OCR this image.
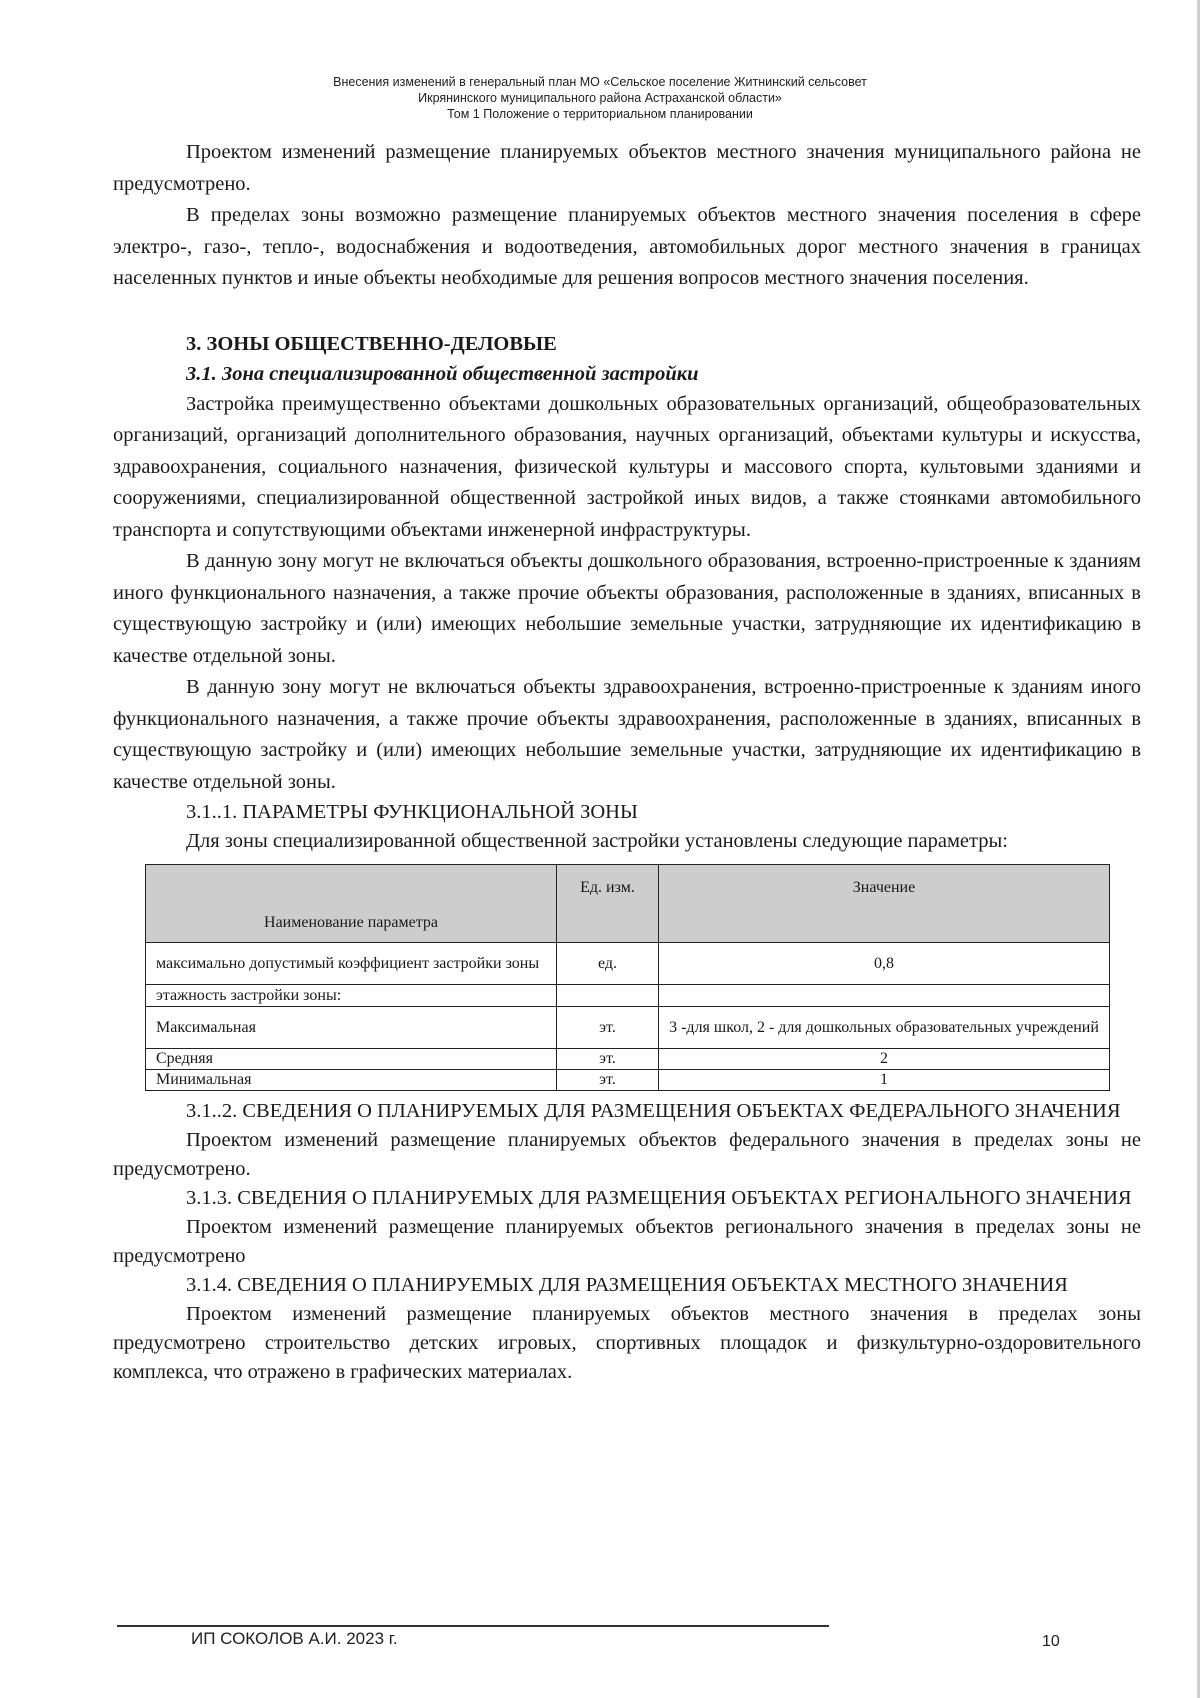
Внесения изменений в генеральный план МО «Сельское поселение Житнинский сельсовет
Икрянинского муниципального района Астраханской области»
Том 1 Положение о территориальном планировании

Проектом изменений размещение планируемых объектов местного значения муниципального района не предусмотрено.

В пределах зоны возможно размещение планируемых объектов местного значения поселения в сфере электро-, газо-, тепло-, водоснабжения и водоотведения, автомобильных дорог местного значения в границах населенных пунктов и иные объекты необходимые для решения вопросов местного значения поселения.

3. ЗОНЫ ОБЩЕСТВЕННО-ДЕЛОВЫЕ

3.1. Зона специализированной общественной застройки

Застройка преимущественно объектами дошкольных образовательных организаций, общеобразовательных организаций, организаций дополнительного образования, научных организаций, объектами культуры и искусства, здравоохранения, социального назначения, физической культуры и массового спорта, культовыми зданиями и сооружениями, специализированной общественной застройкой иных видов, а также стоянками автомобильного транспорта и сопутствующими объектами инженерной инфраструктуры.

В данную зону могут не включаться объекты дошкольного образования, встроенно-пристроенные к зданиям иного функционального назначения, а также прочие объекты образования, расположенные в зданиях, вписанных в существующую застройку и (или) имеющих небольшие земельные участки, затрудняющие их идентификацию в качестве отдельной зоны.

В данную зону могут не включаться объекты здравоохранения, встроенно-пристроенные к зданиям иного функционального назначения, а также прочие объекты здравоохранения, расположенные в зданиях, вписанных в существующую застройку и (или) имеющих небольшие земельные участки, затрудняющие их идентификацию в качестве отдельной зоны.

3.1..1. ПАРАМЕТРЫ ФУНКЦИОНАЛЬНОЙ ЗОНЫ

Для зоны специализированной общественной застройки установлены следующие параметры:

Наименование параметра	Ед. изм.	Значение
максимально допустимый коэффициент застройки зоны	ед.	0,8
этажность застройки зоны:		
Максимальная	эт.	3 -для школ, 2 - для дошкольных образовательных учреждений
Средняя	эт.	2
Минимальная	эт.	1

3.1..2. СВЕДЕНИЯ О ПЛАНИРУЕМЫХ ДЛЯ РАЗМЕЩЕНИЯ ОБЪЕКТАХ ФЕДЕРАЛЬНОГО ЗНАЧЕНИЯ

Проектом изменений размещение планируемых объектов федерального значения в пределах зоны не предусмотрено.

3.1.3. СВЕДЕНИЯ О ПЛАНИРУЕМЫХ ДЛЯ РАЗМЕЩЕНИЯ ОБЪЕКТАХ РЕГИОНАЛЬНОГО ЗНАЧЕНИЯ

Проектом изменений размещение планируемых объектов регионального значения в пределах зоны не предусмотрено

3.1.4. СВЕДЕНИЯ О ПЛАНИРУЕМЫХ ДЛЯ РАЗМЕЩЕНИЯ ОБЪЕКТАХ МЕСТНОГО ЗНАЧЕНИЯ

Проектом изменений размещение планируемых объектов местного значения в пределах зоны предусмотрено строительство детских игровых, спортивных площадок и физкультурно-оздоровительного комплекса, что отражено в графических материалах.

ИП СОКОЛОВ А.И. 2023 г.	10
